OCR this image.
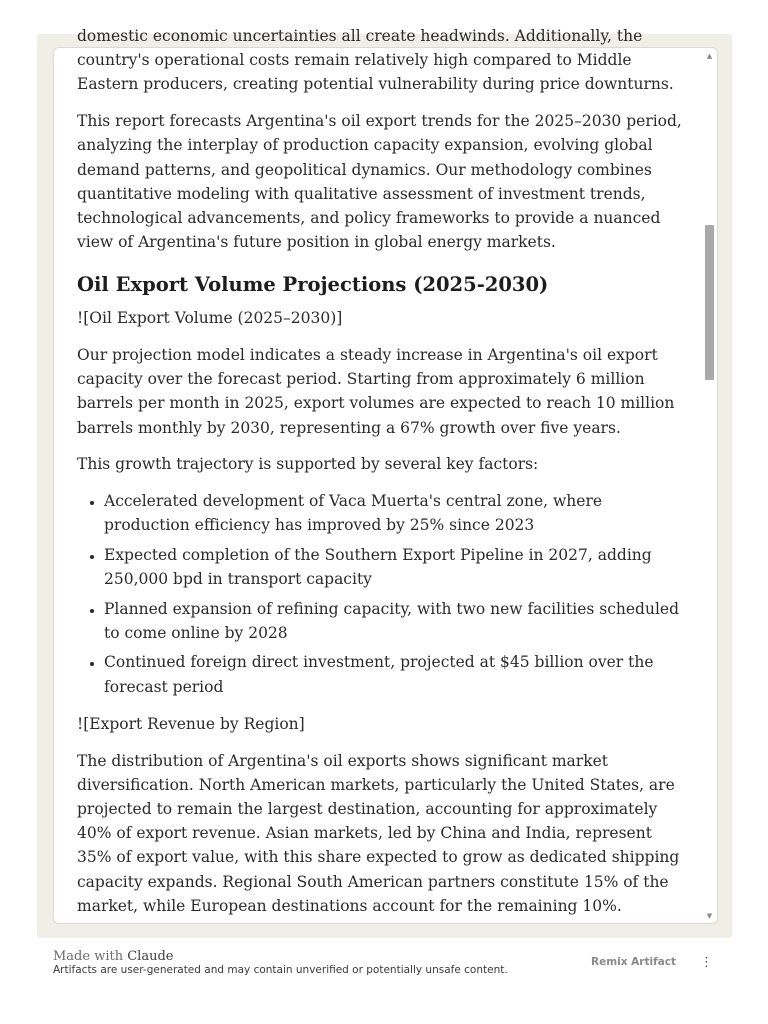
domestic economic uncertainties all create headwinds. Additionally, the country's operational costs remain relatively high compared to Middle Eastern producers, creating potential vulnerability during price downturns.

This report forecasts Argentina's oil export trends for the 2025–2030 period, analyzing the interplay of production capacity expansion, evolving global demand patterns, and geopolitical dynamics. Our methodology combines quantitative modeling with qualitative assessment of investment trends, technological advancements, and policy frameworks to provide a nuanced view of Argentina's future position in global energy markets.

Oil Export Volume Projections (2025-2030)

![Oil Export Volume (2025–2030)]

Our projection model indicates a steady increase in Argentina's oil export capacity over the forecast period. Starting from approximately 6 million barrels per month in 2025, export volumes are expected to reach 10 million barrels monthly by 2030, representing a 67% growth over five years.

This growth trajectory is supported by several key factors:

• Accelerated development of Vaca Muerta's central zone, where production efficiency has improved by 25% since 2023
• Expected completion of the Southern Export Pipeline in 2027, adding 250,000 bpd in transport capacity
• Planned expansion of refining capacity, with two new facilities scheduled to come online by 2028
• Continued foreign direct investment, projected at $45 billion over the forecast period

![Export Revenue by Region]

The distribution of Argentina's oil exports shows significant market diversification. North American markets, particularly the United States, are projected to remain the largest destination, accounting for approximately 40% of export revenue. Asian markets, led by China and India, represent 35% of export value, with this share expected to grow as dedicated shipping capacity expands. Regional South American partners constitute 15% of the market, while European destinations account for the remaining 10%.

▲
▼
Made with Claude
Artifacts are user-generated and may contain unverified or potentially unsafe content.
Remix Artifact ⋮
